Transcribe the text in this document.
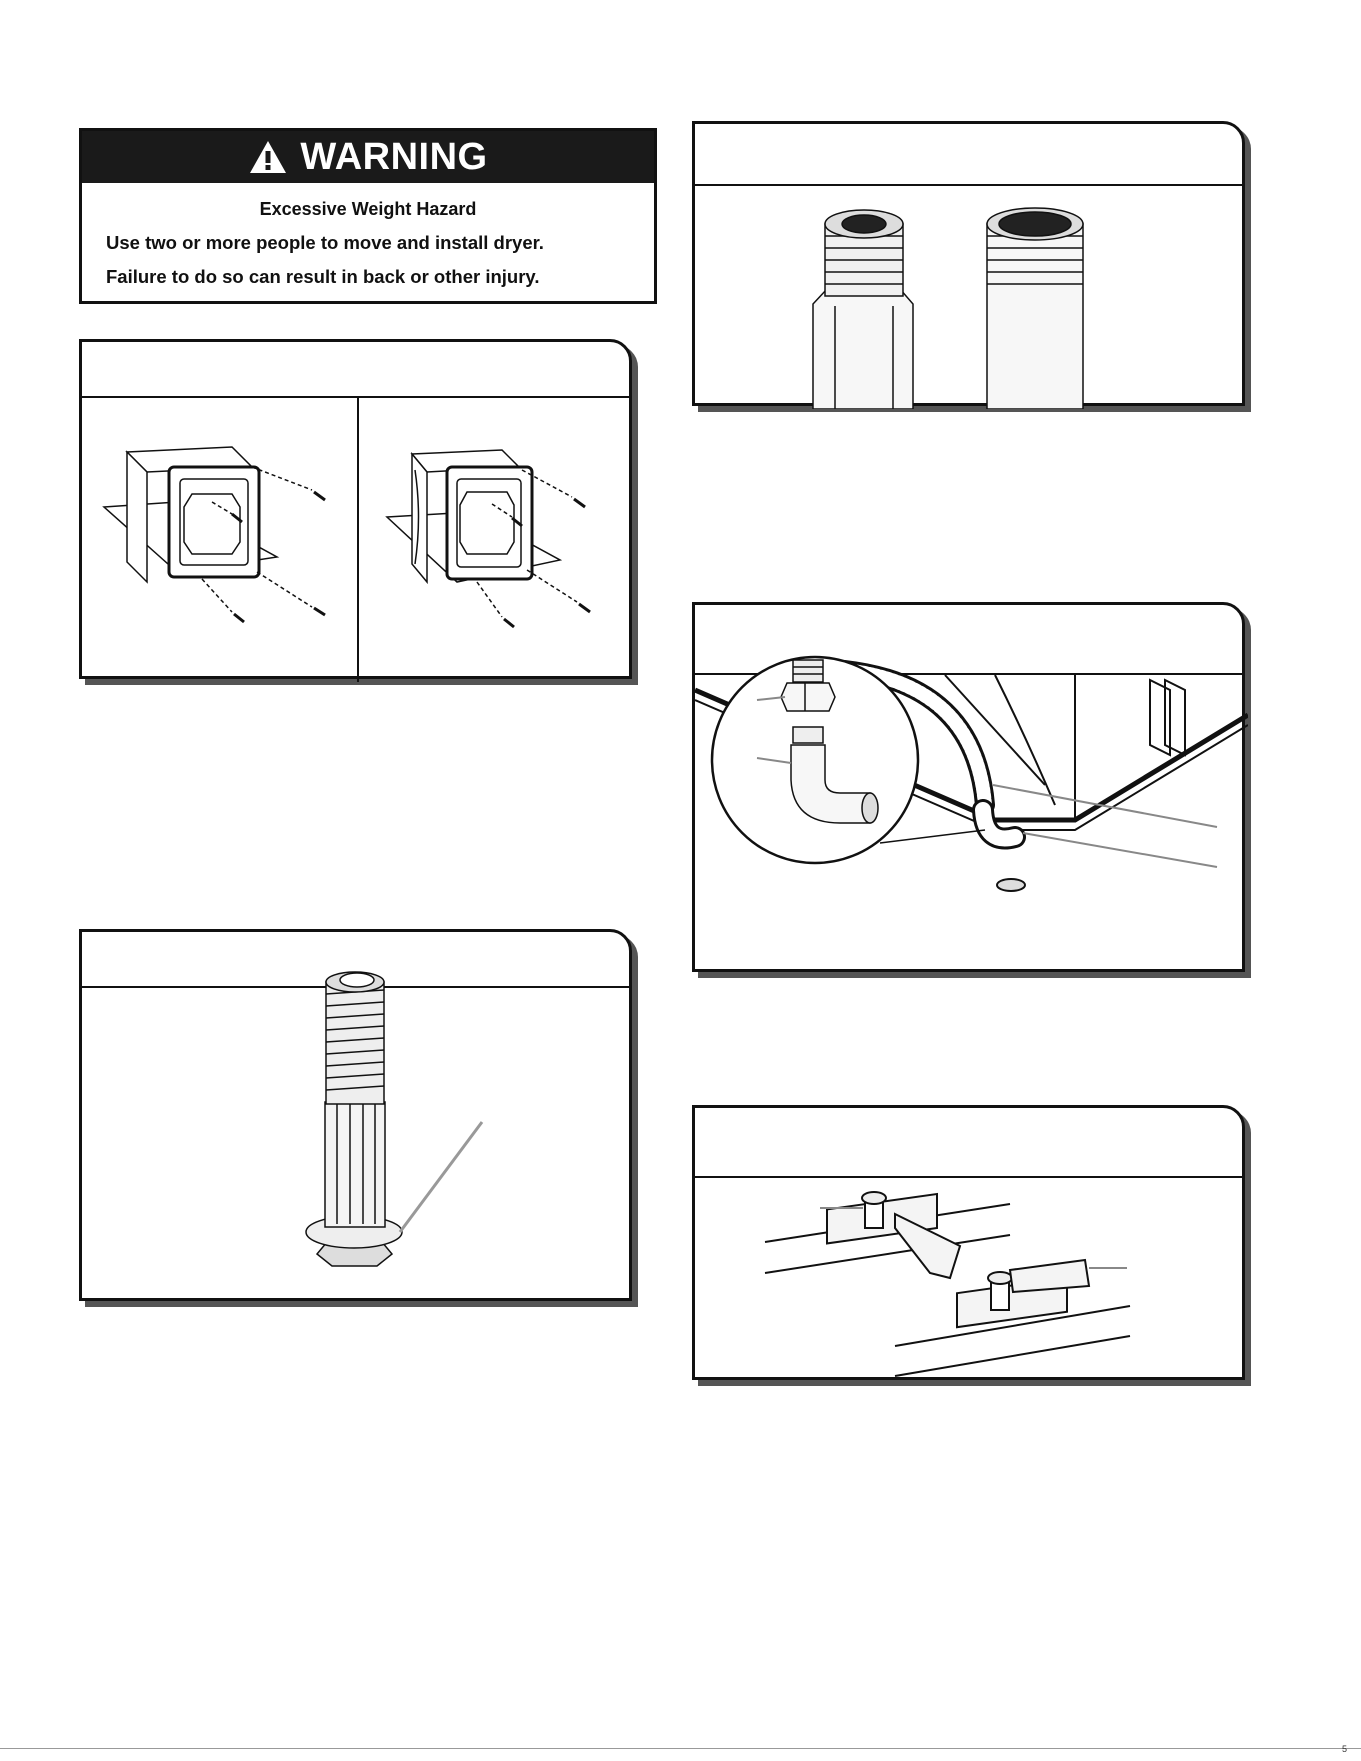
WARNING
Excessive Weight Hazard
Use two or more people to move and install dryer.
Failure to do so can result in back or other injury.
5
